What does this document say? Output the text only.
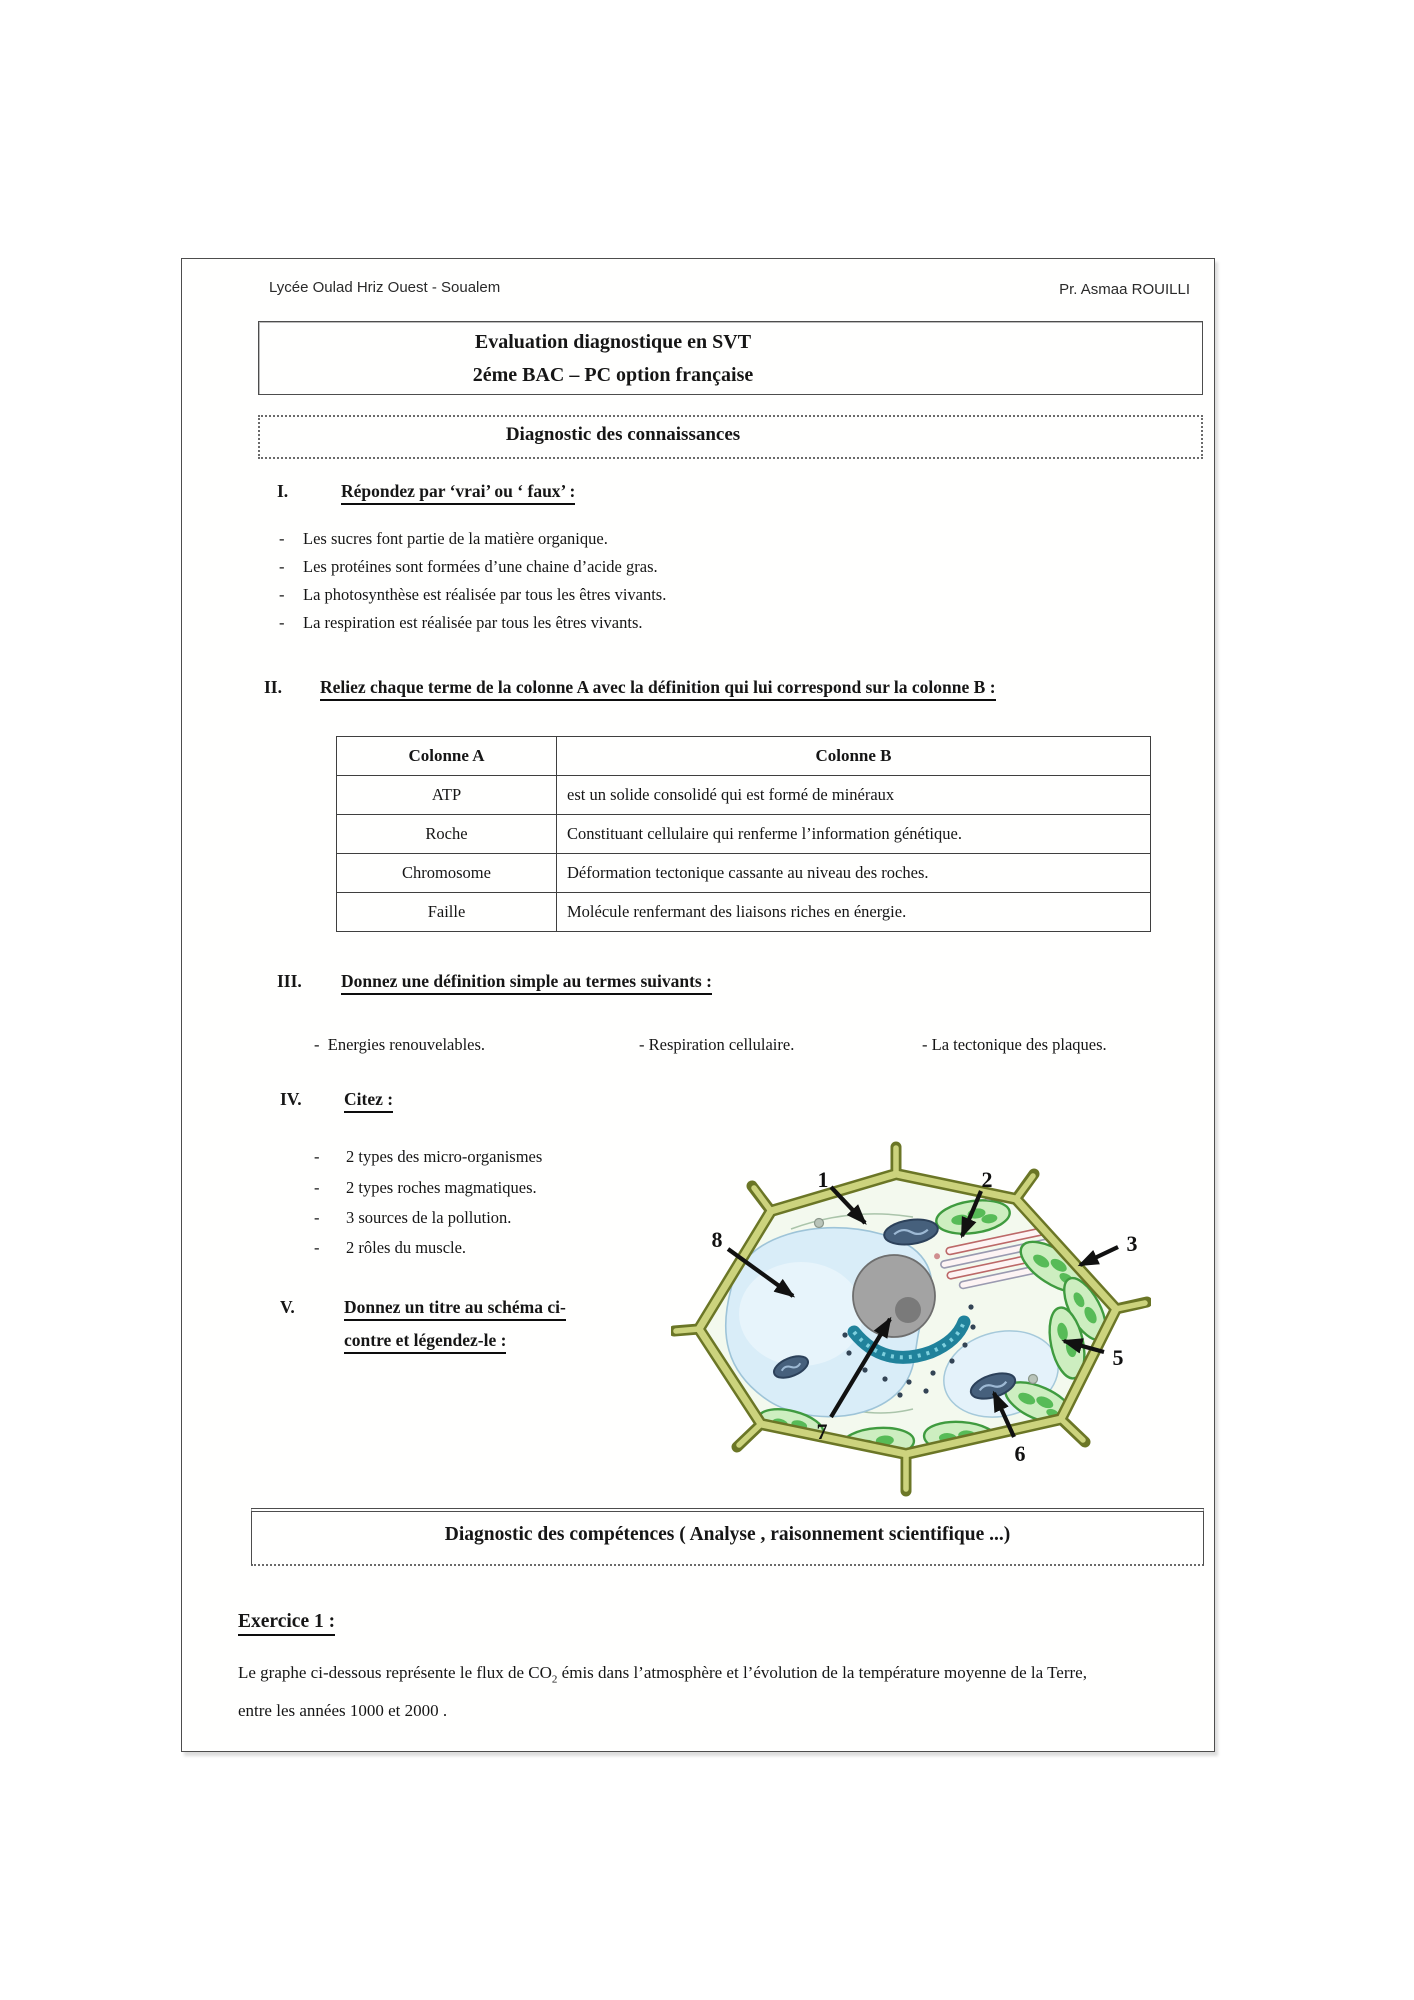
Lycée Oulad Hriz Ouest - Soualem	Pr. Asmaa ROUILLI
Evaluation diagnostique en SVT
2éme BAC – PC option française
Diagnostic des connaissances
I.	Répondez par ‘vrai’ ou ‘ faux’ :
-	Les sucres font partie de la matière organique.
-	Les protéines sont formées d’une chaine d’acide gras.
-	La photosynthèse est réalisée par tous les êtres vivants.
-	La respiration est réalisée par tous les êtres vivants.
II.	Reliez chaque terme de la colonne A avec la définition qui lui correspond sur la colonne B :
Colonne A	Colonne B
ATP	est un solide consolidé qui est formé de minéraux
Roche	Constituant cellulaire qui renferme l’information génétique.
Chromosome	Déformation tectonique cassante au niveau des roches.
Faille	Molécule renfermant des liaisons riches en énergie.
III.	Donnez une définition simple au termes suivants :
- Energies renouvelables.	- Respiration cellulaire.	- La tectonique des plaques.
IV.	Citez :
-	2 types des micro-organismes
-	2 types roches magmatiques.
-	3 sources de la pollution.
-	2 rôles du muscle.
V.	Donnez un titre au schéma ci-
contre et légendez-le :
1	2
3
5
6
7
8
Diagnostic des compétences ( Analyse , raisonnement scientifique ...)
Exercice 1 :
Le graphe ci-dessous représente le flux de $CO_2$ émis dans l’atmosphère et l’évolution de la température moyenne de la Terre, entre les années 1000 et 2000 .
